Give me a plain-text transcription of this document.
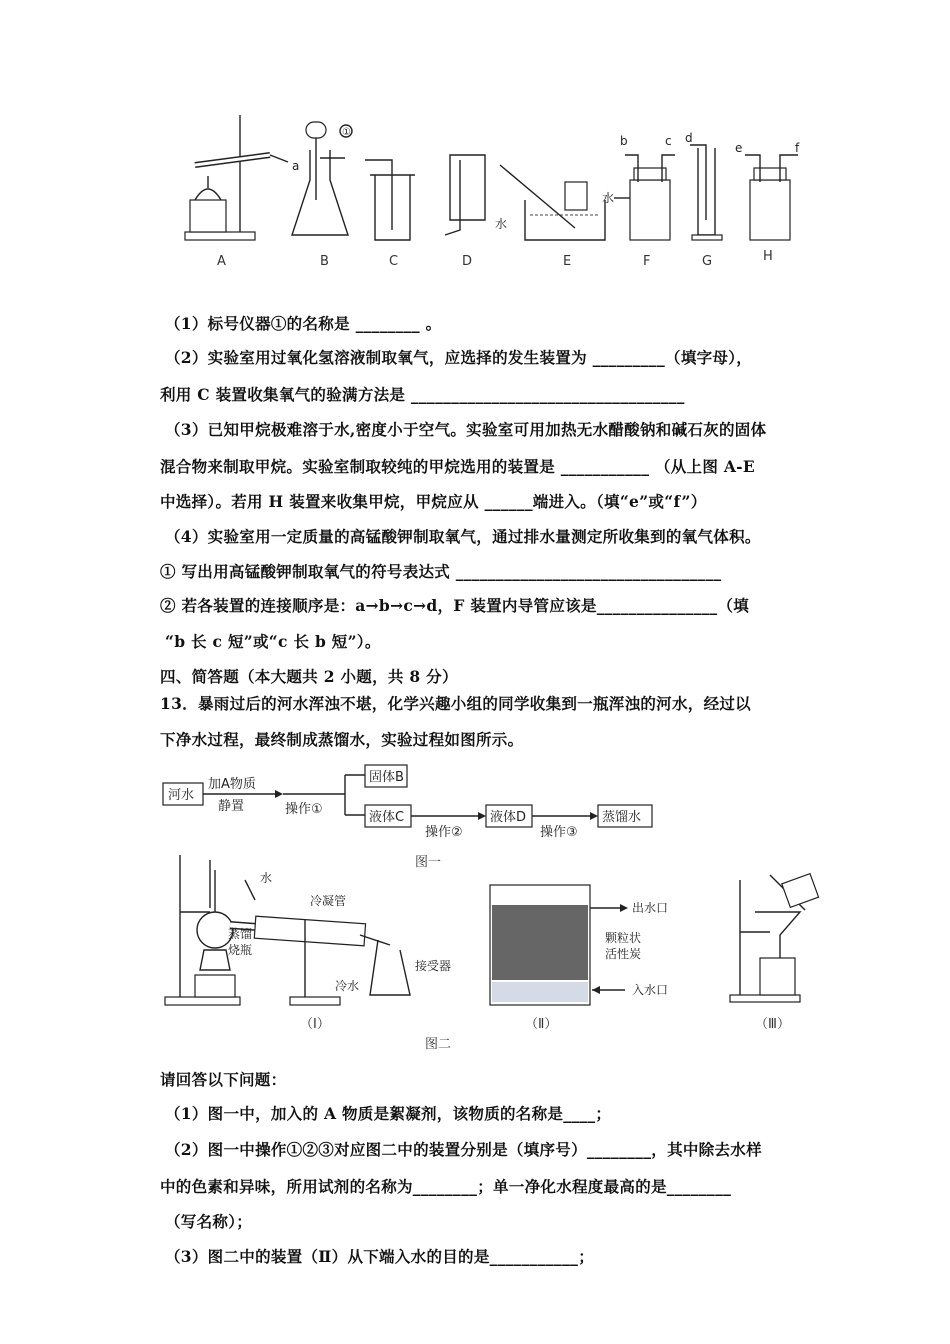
a
①
水
b	c
水
d
e	f
A	B	C	D	E	F	G	H
（1）标号仪器①的名称是 ________ 。
（2）实验室用过氧化氢溶液制取氧气，应选择的发生装置为 _________（填字母），
利用 C 装置收集氧气的验满方法是 __________________________________
（3）已知甲烷极难溶于水,密度小于空气。实验室可用加热无水醋酸钠和碱石灰的固体
混合物来制取甲烷。实验室制取较纯的甲烷选用的装置是 ___________ （从上图 A-E
中选择）。若用 H 装置来收集甲烷，甲烷应从 ______端进入。（填“e”或“f”）
（4）实验室用一定质量的高锰酸钾制取氧气，通过排水量测定所收集到的氧气体积。
① 写出用高锰酸钾制取氧气的符号表达式 _________________________________
② 若各装置的连接顺序是：a→b→c→d，F 装置内导管应该是_______________（填
“b 长 c 短”或“c 长 b 短”）。
四、简答题（本大题共 2 小题，共 8 分）
13．暴雨过后的河水浑浊不堪，化学兴趣小组的同学收集到一瓶浑浊的河水，经过以
下净水过程，最终制成蒸馏水，实验过程如图所示。
河水
加A物质
静置	操作①
固体B
液体C
操作②
液体D
操作③
蒸馏水
图一
水
冷凝管
蒸馏
烧瓶
冷水
接受器
（Ⅰ）
出水口
颗粒状
活性炭
入水口
（Ⅱ）	（Ⅲ）
图二
请回答以下问题：
（1）图一中，加入的 A 物质是絮凝剂，该物质的名称是____；
（2）图一中操作①②③对应图二中的装置分别是（填序号）________，其中除去水样
中的色素和异味，所用试剂的名称为________；单一净化水程度最高的是________
（写名称）；
（3）图二中的装置（Ⅱ）从下端入水的目的是___________；
